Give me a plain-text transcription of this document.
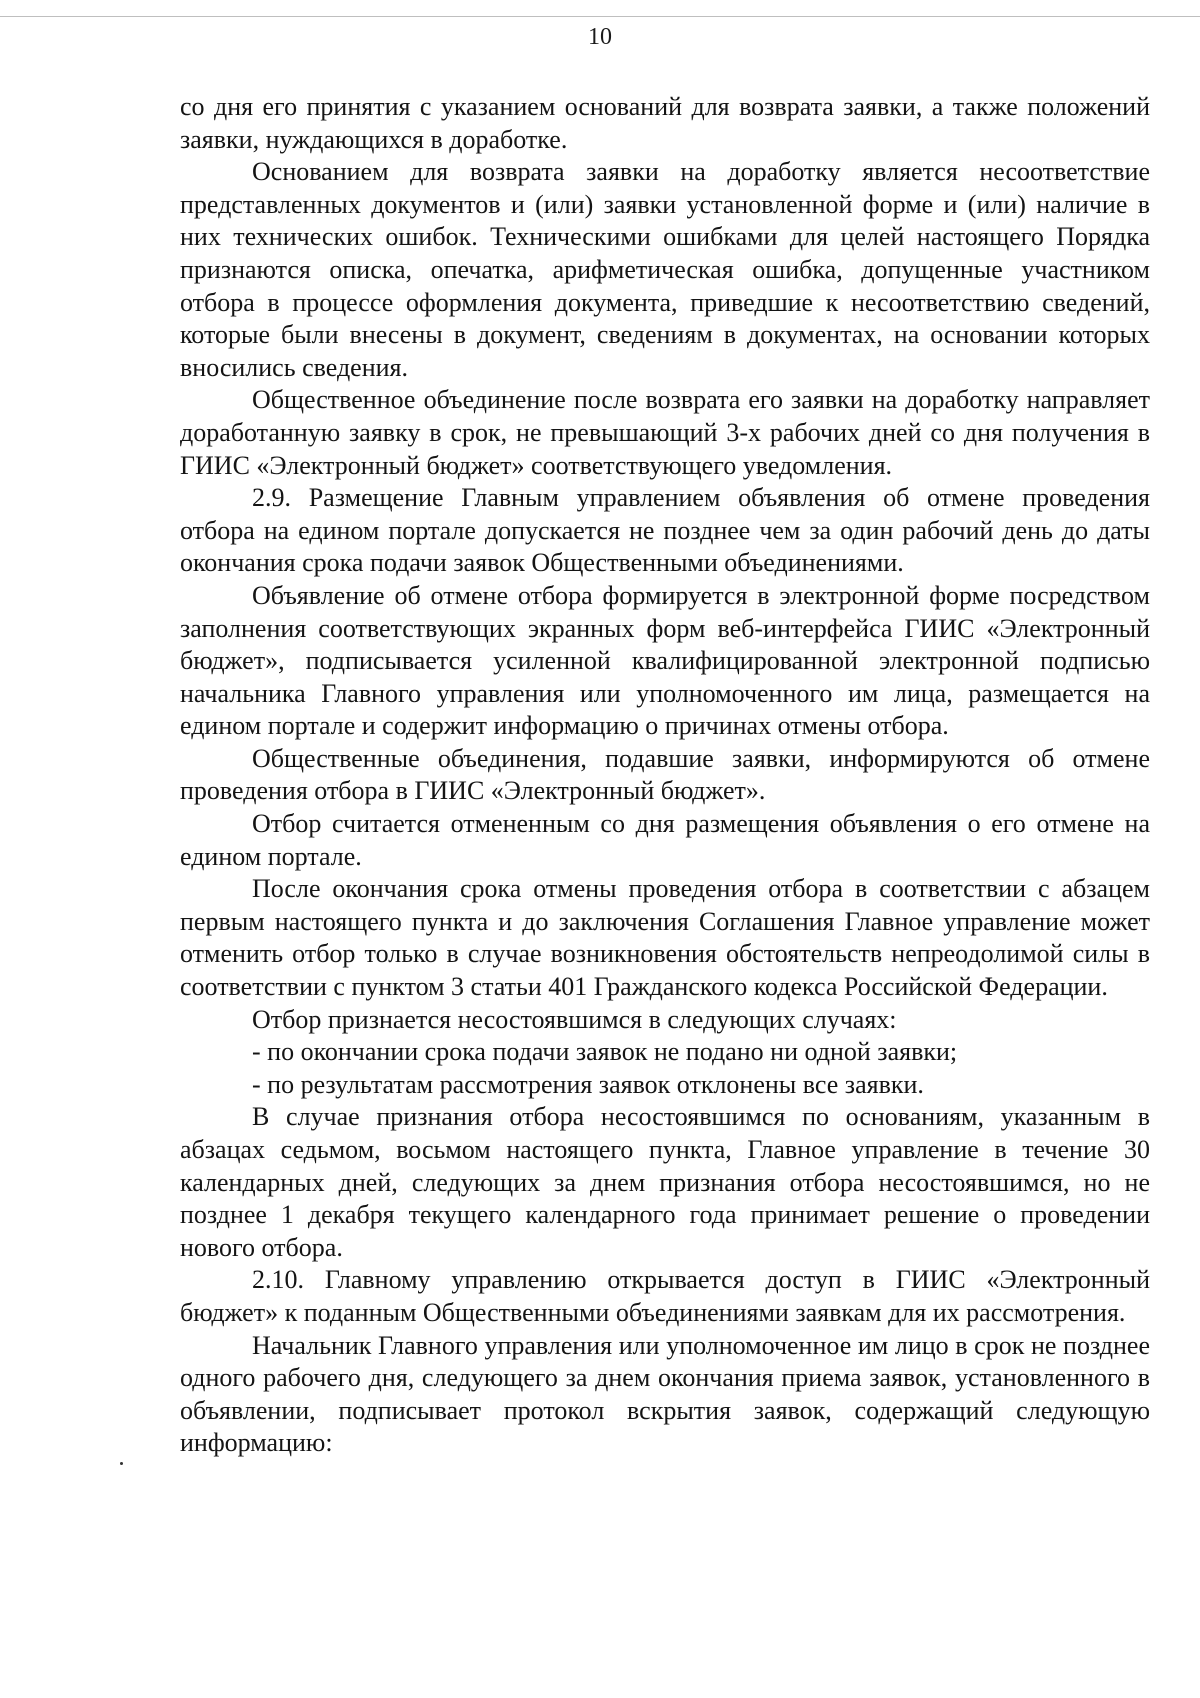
10

со дня его принятия с указанием оснований для возврата заявки, а также положений заявки, нуждающихся в доработке.

Основанием для возврата заявки на доработку является несоответствие представленных документов и (или) заявки установленной форме и (или) наличие в них технических ошибок. Техническими ошибками для целей настоящего Порядка признаются описка, опечатка, арифметическая ошибка, допущенные участником отбора в процессе оформления документа, приведшие к несоответствию сведений, которые были внесены в документ, сведениям в документах, на основании которых вносились сведения.

Общественное объединение после возврата его заявки на доработку направляет доработанную заявку в срок, не превышающий 3-х рабочих дней со дня получения в ГИИС «Электронный бюджет» соответствующего уведомления.

2.9. Размещение Главным управлением объявления об отмене проведения отбора на едином портале допускается не позднее чем за один рабочий день до даты окончания срока подачи заявок Общественными объединениями.

Объявление об отмене отбора формируется в электронной форме посредством заполнения соответствующих экранных форм веб-интерфейса ГИИС «Электронный бюджет», подписывается усиленной квалифицированной электронной подписью начальника Главного управления или уполномоченного им лица, размещается на едином портале и содержит информацию о причинах отмены отбора.

Общественные объединения, подавшие заявки, информируются об отмене проведения отбора в ГИИС «Электронный бюджет».

Отбор считается отмененным со дня размещения объявления о его отмене на едином портале.

После окончания срока отмены проведения отбора в соответствии с абзацем первым настоящего пункта и до заключения Соглашения Главное управление может отменить отбор только в случае возникновения обстоятельств непреодолимой силы в соответствии с пунктом 3 статьи 401 Гражданского кодекса Российской Федерации.

Отбор признается несостоявшимся в следующих случаях:

- по окончании срока подачи заявок не подано ни одной заявки;

- по результатам рассмотрения заявок отклонены все заявки.

В случае признания отбора несостоявшимся по основаниям, указанным в абзацах седьмом, восьмом настоящего пункта, Главное управление в течение 30 календарных дней, следующих за днем признания отбора несостоявшимся, но не позднее 1 декабря текущего календарного года принимает решение о проведении нового отбора.

2.10. Главному управлению открывается доступ в ГИИС «Электронный бюджет» к поданным Общественными объединениями заявкам для их рассмотрения.

Начальник Главного управления или уполномоченное им лицо в срок не позднее одного рабочего дня, следующего за днем окончания приема заявок, установленного в объявлении, подписывает протокол вскрытия заявок, содержащий следующую информацию:
